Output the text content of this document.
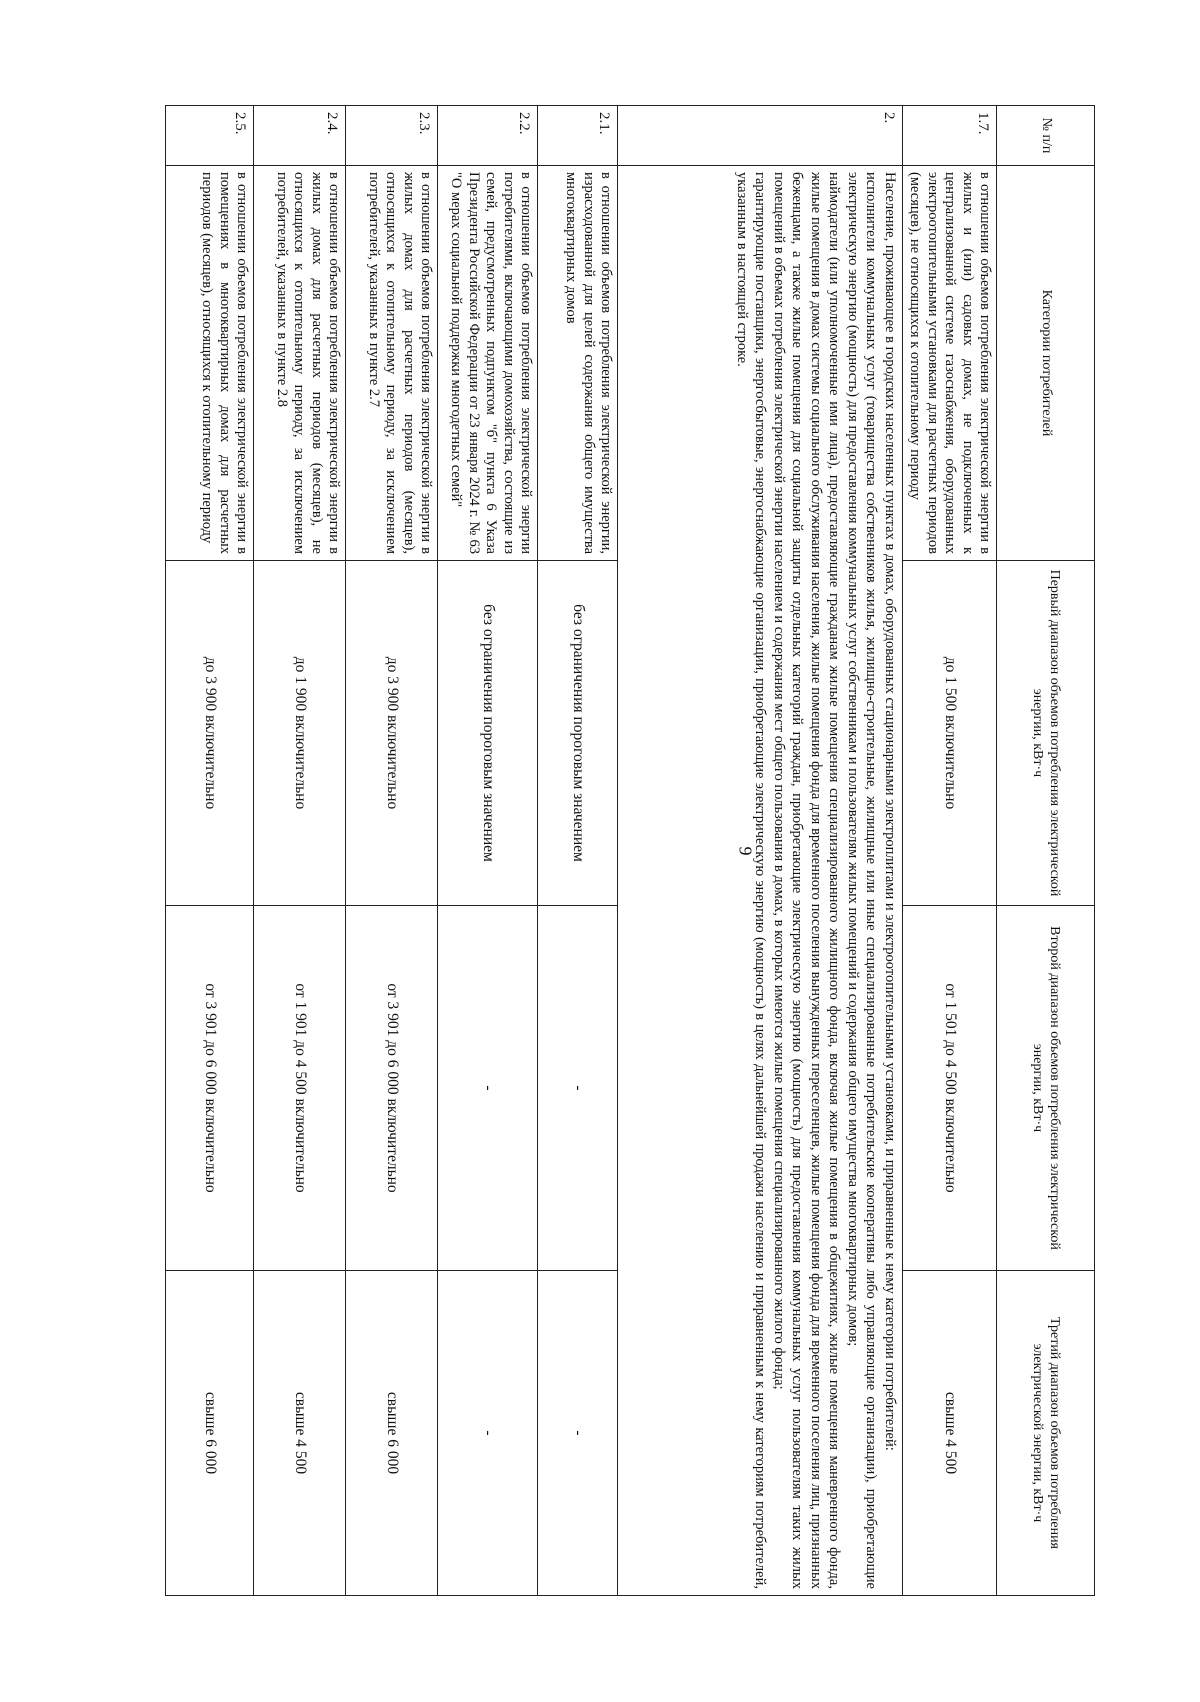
9
№ п/п	Категории потребителей	Первый диапазон объемов потребления электрической энергии, кВт·ч	Второй диапазон объемов потребления электрической энергии, кВт·ч	Третий диапазон объемов потребления электрической энергии, кВт·ч
1.7.	в отношении объемов потребления электрической энергии в жилых и (или) садовых домах, не подключенных к централизованной системе газоснабжения, оборудованных электроотопительными установками для расчетных периодов (месяцев), не относящихся к отопительному периоду	до 1 500 включительно	от 1 501 до 4 500 включительно	свыше 4 500
2.	Население, проживающее в городских населенных пунктах в домах, оборудованных стационарными электроплитами и электроотопительными установками, и приравненные к нему категории потребителей:

исполнители коммунальных услуг (товарищества собственников жилья, жилищно-строительные, жилищные или иные специализированные потребительские кооперативы либо управляющие организации), приобретающие электрическую энергию (мощность) для предоставления коммунальных услуг собственникам и пользователям жилых помещений и содержания общего имущества многоквартирных домов;

наймодатели (или уполномоченные ими лица), предоставляющие гражданам жилые помещения специализированного жилищного фонда, включая жилые помещения в общежитиях, жилые помещения маневренного фонда, жилые помещения в домах системы социального обслуживания населения, жилые помещения фонда для временного поселения вынужденных переселенцев, жилые помещения фонда для временного поселения лиц, признанных беженцами, а также жилые помещения для социальной защиты отдельных категорий граждан, приобретающие электрическую энергию (мощность) для предоставления коммунальных услуг пользователям таких жилых помещений в объемах потребления электрической энергии населением и содержания мест общего пользования в домах, в которых имеются жилые помещения специализированного жилого фонда;

гарантирующие поставщики, энергосбытовые, энергоснабжающие организации, приобретающие электрическую энергию (мощность) в целях дальнейшей продажи населению и приравненным к нему категориям потребителей, указанным в настоящей строке.			

2.1.	в отношении объемов потребления электрической энергии, израсходованной для целей содержания общего имущества многоквартирных домов	без ограничения пороговым значением	-	-
2.2.	в отношении объемов потребления электрической энергии потребителями, включающими домохозяйства, состоящие из семей, предусмотренных подпунктом "б" пункта 6 Указа Президента Российской Федерации от 23 января 2024 г. № 63 "О мерах социальной поддержки многодетных семей"	без ограничения пороговым значением	-	-
2.3.	в отношении объемов потребления электрической энергии в жилых домах для расчетных периодов (месяцев), относящихся к отопительному периоду, за исключением потребителей, указанных в пункте 2.7	до 3 900 включительно	от 3 901 до 6 000 включительно	свыше 6 000
2.4.	в отношении объемов потребления электрической энергии в жилых домах для расчетных периодов (месяцев), не относящихся к отопительному периоду, за исключением потребителей, указанных в пункте 2.8	до 1 900 включительно	от 1 901 до 4 500 включительно	свыше 4 500
2.5.	в отношении объемов потребления электрической энергии в помещениях в многоквартирных домах для расчетных периодов (месяцев), относящихся к отопительному периоду	до 3 900 включительно	от 3 901 до 6 000 включительно	свыше 6 000
